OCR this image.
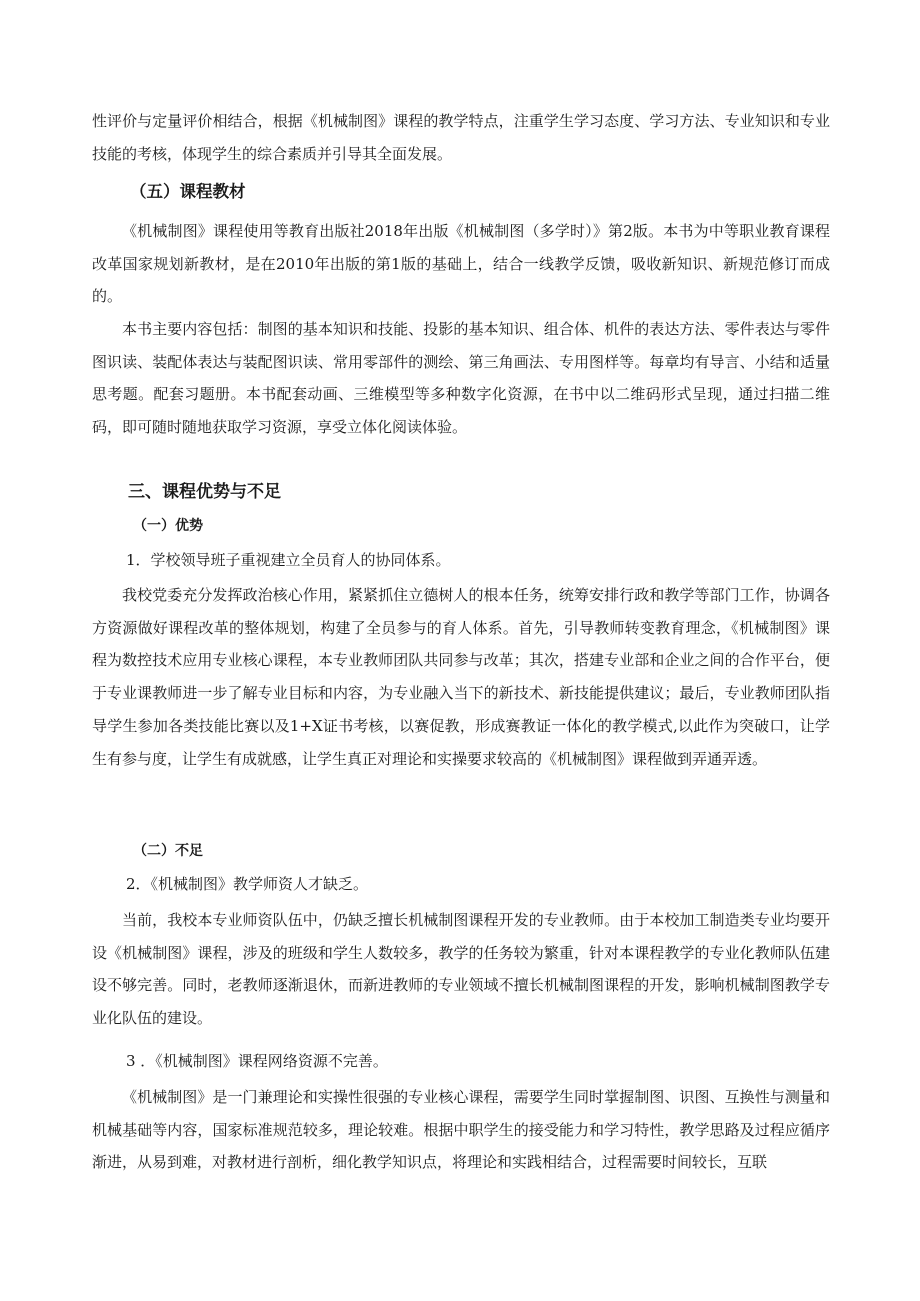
性评价与定量评价相结合，根据《机械制图》课程的教学特点，注重学生学习态度、学习方法、专业知识和专业技能的考核，体现学生的综合素质并引导其全面发展。

（五）课程教材

《机械制图》课程使用等教育出版社2018年出版《机械制图（多学时）》第2版。本书为中等职业教育课程改革国家规划新教材，是在2010年出版的第1版的基础上，结合一线教学反馈，吸收新知识、新规范修订而成的。

本书主要内容包括：制图的基本知识和技能、投影的基本知识、组合体、机件的表达方法、零件表达与零件图识读、装配体表达与装配图识读、常用零部件的测绘、第三角画法、专用图样等。每章均有导言、小结和适量思考题。配套习题册。本书配套动画、三维模型等多种数字化资源，在书中以二维码形式呈现，通过扫描二维码，即可随时随地获取学习资源，享受立体化阅读体验。

三、课程优势与不足
（一）优势

1．学校领导班子重视建立全员育人的协同体系。

我校党委充分发挥政治核心作用，紧紧抓住立德树人的根本任务，统筹安排行政和教学等部门工作，协调各方资源做好课程改革的整体规划，构建了全员参与的育人体系。首先，引导教师转变教育理念，《机械制图》课程为数控技术应用专业核心课程，本专业教师团队共同参与改革；其次，搭建专业部和企业之间的合作平台，便于专业课教师进一步了解专业目标和内容，为专业融入当下的新技术、新技能提供建议；最后，专业教师团队指导学生参加各类技能比赛以及1+X证书考核，以赛促教，形成赛教证一体化的教学模式,以此作为突破口，让学生有参与度，让学生有成就感，让学生真正对理论和实操要求较高的《机械制图》课程做到弄通弄透。

（二）不足

2．《机械制图》教学师资人才缺乏。

当前，我校本专业师资队伍中，仍缺乏擅长机械制图课程开发的专业教师。由于本校加工制造类专业均要开设《机械制图》课程，涉及的班级和学生人数较多，教学的任务较为繁重，针对本课程教学的专业化教师队伍建设不够完善。同时，老教师逐渐退休，而新进教师的专业领域不擅长机械制图课程的开发，影响机械制图教学专业化队伍的建设。

3 ．《机械制图》课程网络资源不完善。

《机械制图》是一门兼理论和实操性很强的专业核心课程，需要学生同时掌握制图、识图、互换性与测量和机械基础等内容，国家标准规范较多，理论较难。根据中职学生的接受能力和学习特性，教学思路及过程应循序渐进，从易到难，对教材进行剖析，细化教学知识点，将理论和实践相结合，过程需要时间较长，互联
